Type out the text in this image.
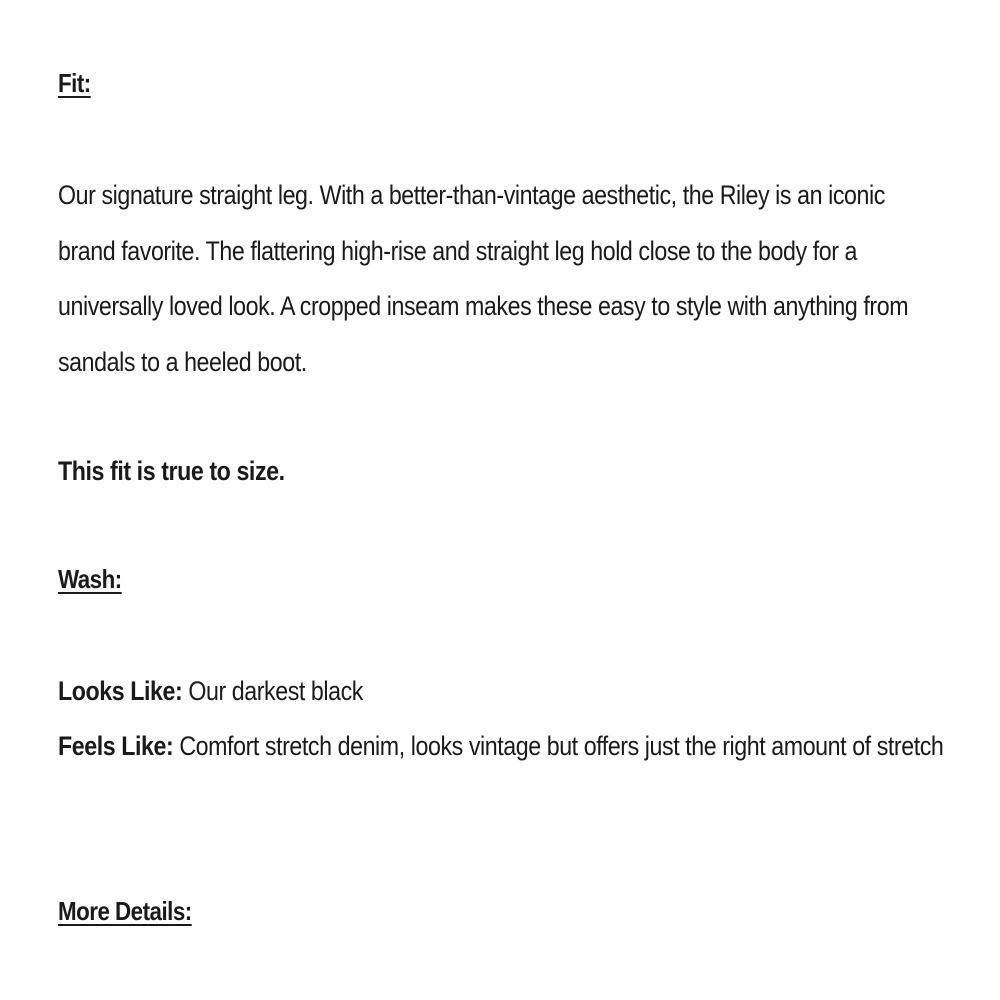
Fit:
Our signature straight leg. With a better-than-vintage aesthetic, the Riley is an iconic brand favorite. The flattering high-rise and straight leg hold close to the body for a universally loved look. A cropped inseam makes these easy to style with anything from sandals to a heeled boot.
This fit is true to size.
Wash:
Looks Like: Our darkest black
Feels Like: Comfort stretch denim, looks vintage but offers just the right amount of stretch
More Details:
